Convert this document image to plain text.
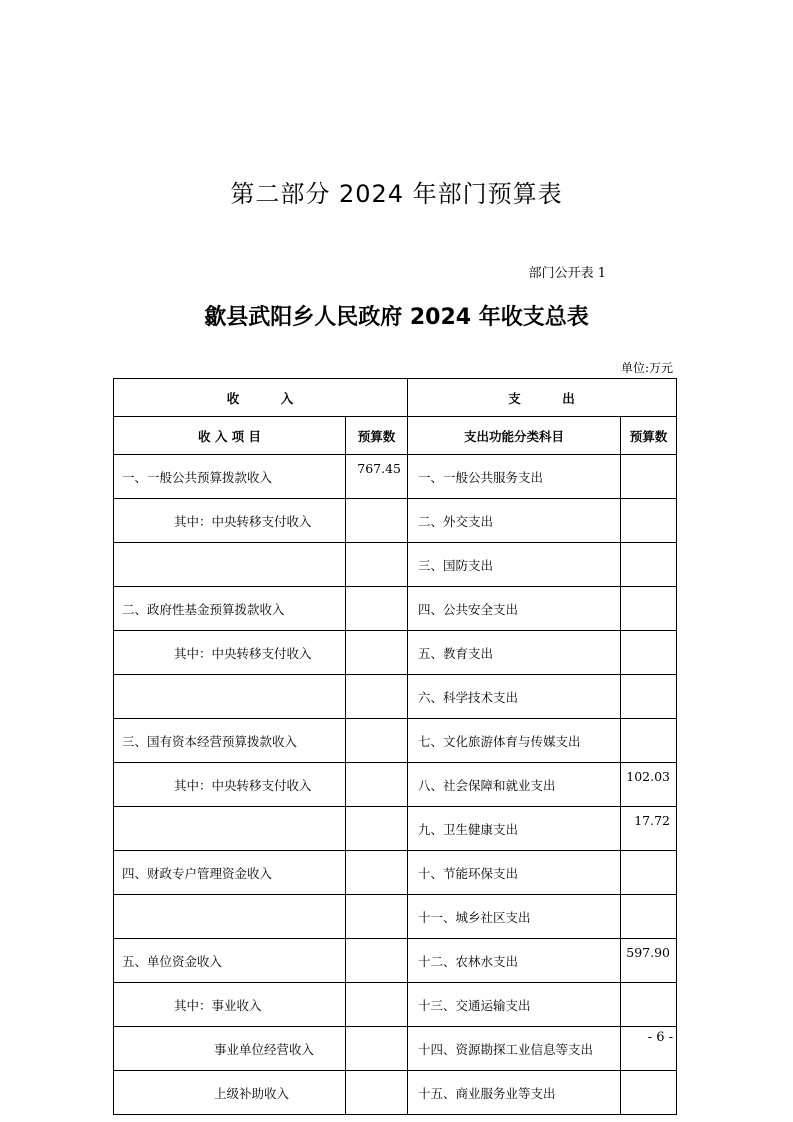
第二部分 2024 年部门预算表
部门公开表 1
歙县武阳乡人民政府 2024 年收支总表
单位:万元
收　　　入		支　　　出	
收 入 项 目	预算数	支出功能分类科目	预算数
一、一般公共预算拨款收入	767.45	一、一般公共服务支出	
其中：中央转移支付收入		二、外交支出	
		三、国防支出	
二、政府性基金预算拨款收入		四、公共安全支出	
其中：中央转移支付收入		五、教育支出	
		六、科学技术支出	
三、国有资本经营预算拨款收入		七、文化旅游体育与传媒支出	
其中：中央转移支付收入		八、社会保障和就业支出	102.03
		九、卫生健康支出	17.72
四、财政专户管理资金收入		十、节能环保支出	
		十一、城乡社区支出	
五、单位资金收入		十二、农林水支出	597.90
其中：事业收入		十三、交通运输支出	
事业单位经营收入		十四、资源勘探工业信息等支出	
上级补助收入		十五、商业服务业等支出	
- 6 -
